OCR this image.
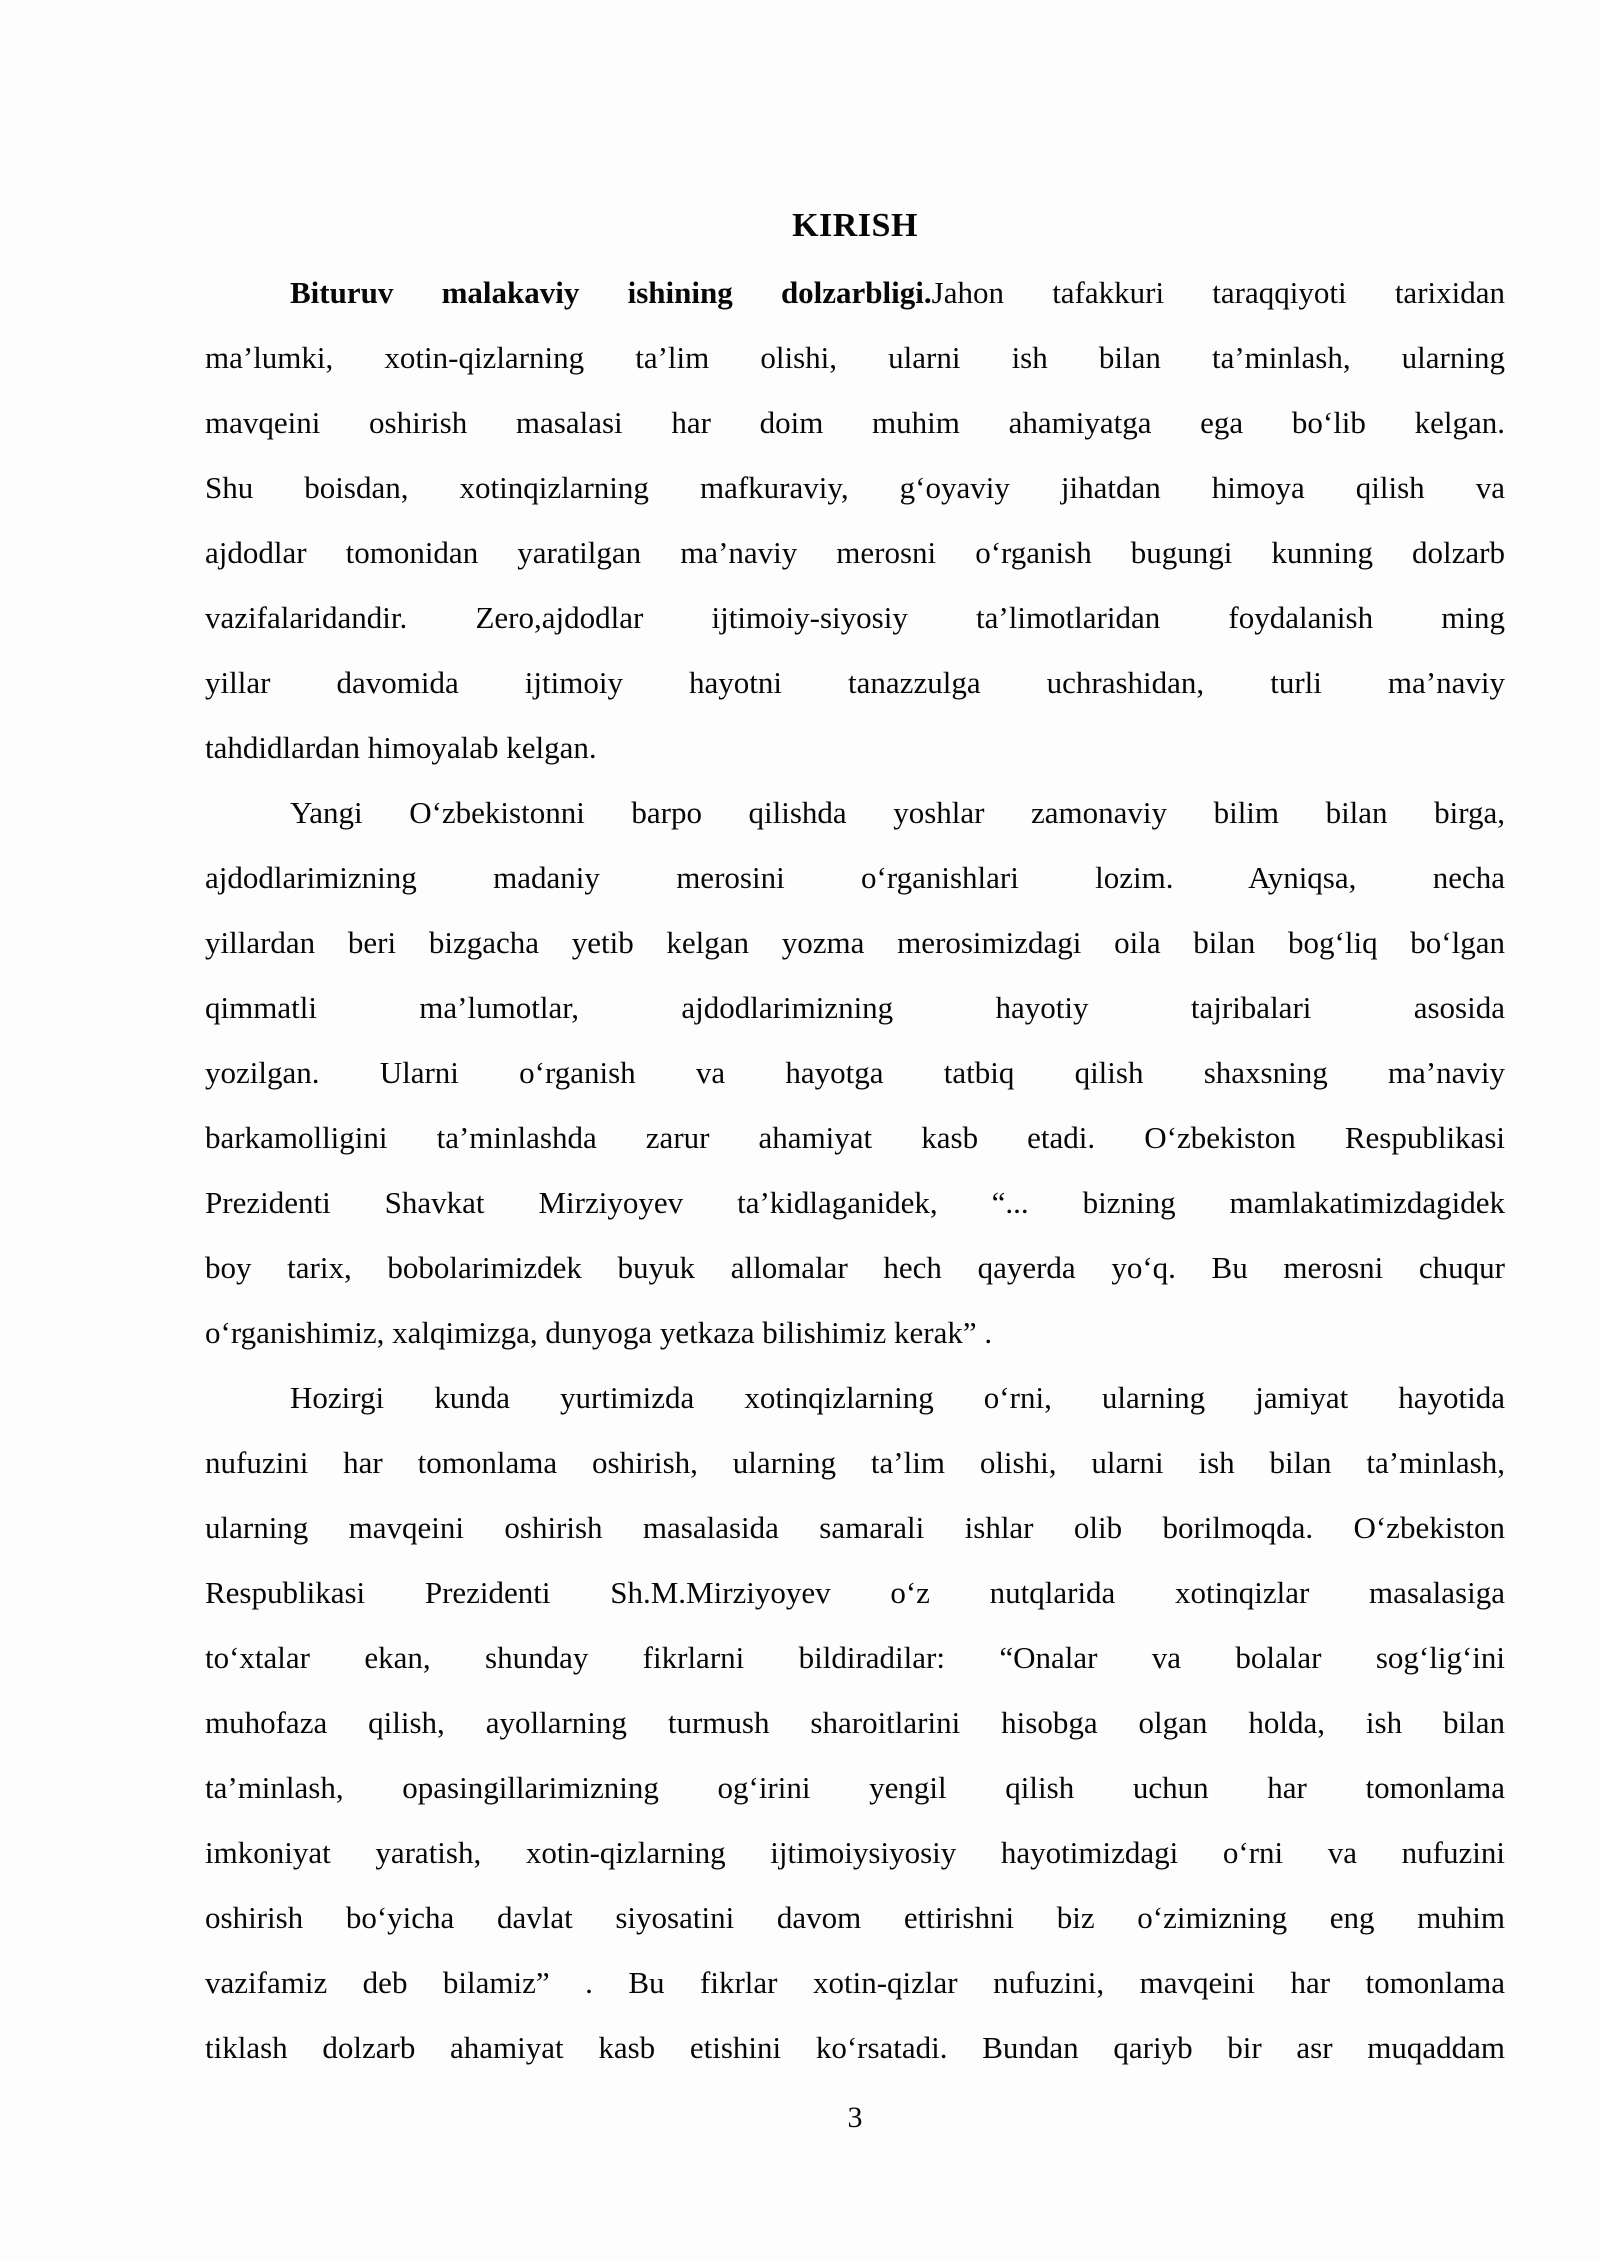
KIRISH
Bituruv malakaviy ishining dolzarbligi.Jahon tafakkuri taraqqiyoti tarixidan
ma’lumki, xotin-qizlarning ta’lim olishi, ularni ish bilan ta’minlash, ularning
mavqeini oshirish masalasi har doim muhim ahamiyatga ega bo‘lib kelgan.
Shu boisdan, xotinqizlarning mafkuraviy, g‘oyaviy jihatdan himoya qilish va
ajdodlar tomonidan yaratilgan ma’naviy merosni o‘rganish bugungi kunning dolzarb
vazifalaridandir. Zero,ajdodlar ijtimoiy-siyosiy ta’limotlaridan foydalanish ming
yillar davomida ijtimoiy hayotni tanazzulga uchrashidan, turli ma’naviy
tahdidlardan himoyalab kelgan.
Yangi O‘zbekistonni barpo qilishda yoshlar zamonaviy bilim bilan birga,
ajdodlarimizning madaniy merosini o‘rganishlari lozim. Ayniqsa, necha
yillardan beri bizgacha yetib kelgan yozma merosimizdagi oila bilan bog‘liq bo‘lgan
qimmatli ma’lumotlar, ajdodlarimizning hayotiy tajribalari asosida
yozilgan. Ularni o‘rganish va hayotga tatbiq qilish shaxsning ma’naviy
barkamolligini ta’minlashda zarur ahamiyat kasb etadi. O‘zbekiston Respublikasi
Prezidenti Shavkat Mirziyoyev ta’kidlaganidek, “... bizning mamlakatimizdagidek
boy tarix, bobolarimizdek buyuk allomalar hech qayerda yo‘q. Bu merosni chuqur
o‘rganishimiz, xalqimizga, dunyoga yetkaza bilishimiz kerak” .
Hozirgi kunda yurtimizda xotinqizlarning o‘rni, ularning jamiyat hayotida
nufuzini har tomonlama oshirish, ularning ta’lim olishi, ularni ish bilan ta’minlash,
ularning mavqeini oshirish masalasida samarali ishlar olib borilmoqda. O‘zbekiston
Respublikasi Prezidenti Sh.M.Mirziyoyev o‘z nutqlarida xotinqizlar masalasiga
to‘xtalar ekan, shunday fikrlarni bildiradilar: “Onalar va bolalar sog‘lig‘ini
muhofaza qilish, ayollarning turmush sharoitlarini hisobga olgan holda, ish bilan
ta’minlash, opasingillarimizning og‘irini yengil qilish uchun har tomonlama
imkoniyat yaratish, xotin-qizlarning ijtimoiysiyosiy hayotimizdagi o‘rni va nufuzini
oshirish bo‘yicha davlat siyosatini davom ettirishni biz o‘zimizning eng muhim
vazifamiz deb bilamiz” . Bu fikrlar xotin-qizlar nufuzini, mavqeini har tomonlama
tiklash dolzarb ahamiyat kasb etishini ko‘rsatadi. Bundan qariyb bir asr muqaddam
3
